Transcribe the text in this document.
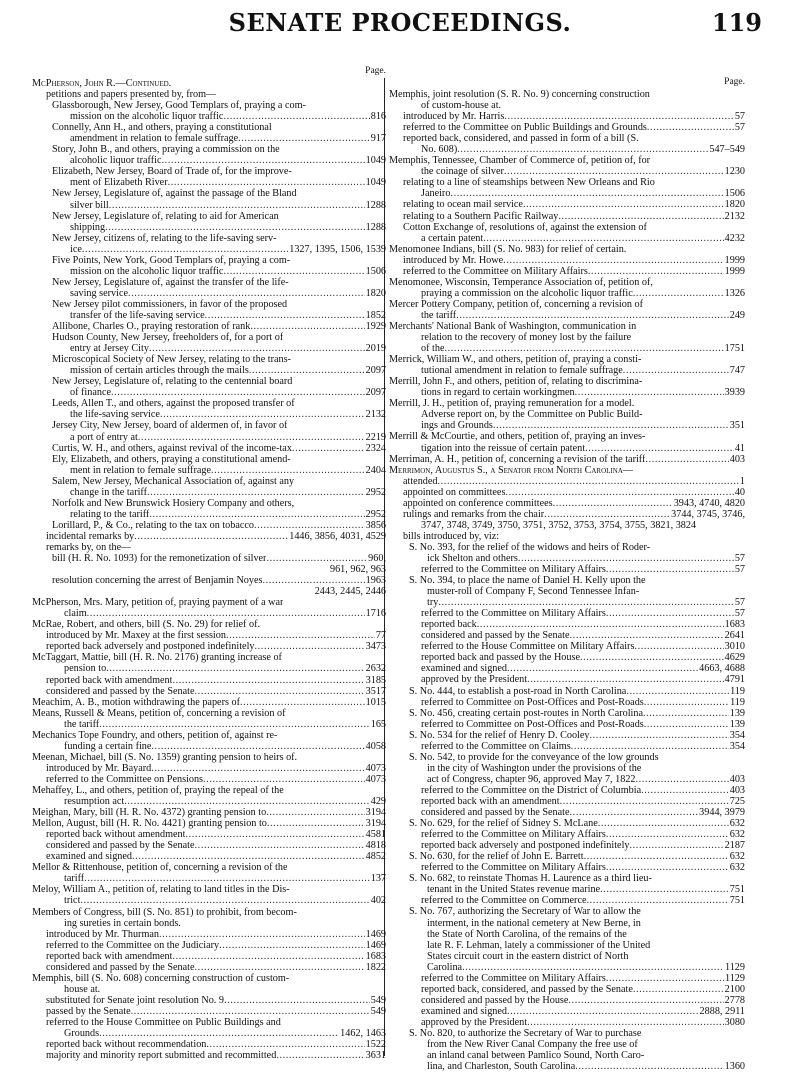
SENATE PROCEEDINGS.	119
Page.
McPherson, John R.—Continued.
petitions and papers presented by, from—
Glassborough, New Jersey, Good Templars of, praying a com-
mission on the alcoholic liquor traffic .....	816
Connelly, Ann H., and others, praying a constitutional
amendment in relation to female suffrage .....	917
Story, John B., and others, praying a commission on the
alcoholic liquor traffic .....	1049
Elizabeth, New Jersey, Board of Trade of, for the improve-
ment of Elizabeth River .....	1049
New Jersey, Legislature of, against the passage of the Bland
silver bill .....	1288
New Jersey, Legislature of, relating to aid for American
shipping .....	1288
New Jersey, citizens of, relating to the life-saving serv-
ice .....	1327, 1395, 1506, 1539
Five Points, New York, Good Templars of, praying a com-
mission on the alcoholic liquor traffic .....	1506
New Jersey, Legislature of, against the transfer of the life-
saving service .....	1820
New Jersey pilot commissioners, in favor of the proposed
transfer of the life-saving service .....	1852
Allibone, Charles O., praying restoration of rank .....	1929
Hudson County, New Jersey, freeholders of, for a port of
entry at Jersey City .....	2019
Microscopical Society of New Jersey, relating to the trans-
mission of certain articles through the mails .....	2097
New Jersey, Legislature of, relating to the centennial board
of finance .....	2097
Leeds, Allen T., and others, against the proposed transfer of
the life-saving service .....	2132
Jersey City, New Jersey, board of aldermen of, in favor of
a port of entry at .....	2219
Curtis, W. H., and others, against revival of the income-tax .....	2324
Ely, Elizabeth, and others, praying a constitutional amend-
ment in relation to female suffrage .....	2404
Salem, New Jersey, Mechanical Association of, against any
change in the tariff .....	2952
Norfolk and New Brunswick Hosiery Company and others,
relating to the tariff .....	2952
Lorillard, P., & Co., relating to the tax on tobacco .....	3856
incidental remarks by .....	1446, 3856, 4031, 4529
remarks by, on the—
bill (H. R. No. 1093) for the remonetization of silver .....	960,
961, 962, 963
resolution concerning the arrest of Benjamin Noyes .....	1963
2443, 2445, 2446
McPherson, Mrs. Mary, petition of, praying payment of a war
claim .....	1716
McRae, Robert, and others, bill (S. No. 29) for relief of.
introduced by Mr. Maxey at the first session .....	77
reported back adversely and postponed indefinitely .....	3473
McTaggart, Mattie, bill (H. R. No. 2176) granting increase of
pension to .....	2632
reported back with amendment .....	3185
considered and passed by the Senate .....	3517
Meachim, A. B., motion withdrawing the papers of .....	1015
Means, Russell & Means, petition of, concerning a revision of
the tariff .....	165
Mechanics Tope Foundry, and others, petition of, against re-
funding a certain fine .....	4058
Meenan, Michael, bill (S. No. 1359) granting pension to heirs of.
introduced by Mr. Bayard .....	4073
referred to the Committee on Pensions .....	4073
Mehaffey, L., and others, petition of, praying the repeal of the
resumption act .....	429
Meighan, Mary, bill (H. R. No. 4372) granting pension to .....	3194
Mellon, August, bill (H. R. No. 4421) granting pension to .....	3194
reported back without amendment .....	4581
considered and passed by the Senate .....	4818
examined and signed .....	4852
Mellor & Rittenhouse, petition of, concerning a revision of the
tariff .....	137
Meloy, William A., petition of, relating to land titles in the Dis-
trict .....	402
Members of Congress, bill (S. No. 851) to prohibit, from becom-
ing sureties in certain bonds.
introduced by Mr. Thurman .....	1469
referred to the Committee on the Judiciary .....	1469
reported back with amendment .....	1683
considered and passed by the Senate .....	1822
Memphis, bill (S. No. 608) concerning construction of custom-
house at.
substituted for Senate joint resolution No. 9 .....	549
passed by the Senate .....	549
referred to the House Committee on Public Buildings and
Grounds .....	1462, 1463
reported back without recommendation .....	1522
majority and minority report submitted and recommitted .....	3631
Page.
Memphis, joint resolution (S. R. No. 9) concerning construction
of custom-house at.
introduced by Mr. Harris .....	57
referred to the Committee on Public Buildings and Grounds .....	57
reported back, considered, and passed in form of a bill (S.
No. 608) .....	547–549
Memphis, Tennessee, Chamber of Commerce of, petition of, for
the coinage of silver .....	1230
relating to a line of steamships between New Orleans and Rio
Janeiro .....	1506
relating to ocean mail service .....	1820
relating to a Southern Pacific Railway .....	2132
Cotton Exchange of, resolutions of, against the extension of
a certain patent .....	4232
Menomonee Indians, bill (S. No. 983) for relief of certain.
introduced by Mr. Howe .....	1999
referred to the Committee on Military Affairs .....	1999
Menomonee, Wisconsin, Temperance Association of, petition of,
praying a commission on the alcoholic liquor traffic .....	1326
Mercer Pottery Company, petition of, concerning a revision of
the tariff .....	249
Merchants' National Bank of Washington, communication in
relation to the recovery of money lost by the failure
of the .....	1751
Merrick, William W., and others, petition of, praying a consti-
tutional amendment in relation to female suffrage .....	747
Merrill, John F., and others, petition of, relating to discrimina-
tions in regard to certain workingmen .....	3939
Merrill, J. H., petition of, praying remuneration for a model.
Adverse report on, by the Committee on Public Build-
ings and Grounds .....	351
Merrill & McCourtie, and others, petition of, praying an inves-
tigation into the reissue of certain patent .....	41
Merriman, A. H., petition of, concerning a revision of the tariff .....	403
Merrimon, Augustus S., a Senator from North Carolina—
attended .....	1
appointed on committees .....	40
appointed on conference committees .....	3943, 4740, 4820
rulings and remarks from the chair .....	3744, 3745, 3746,
3747, 3748, 3749, 3750, 3751, 3752, 3753, 3754, 3755, 3821, 3824
bills introduced by, viz:
S. No. 393, for the relief of the widows and heirs of Roder-
ick Shelton and others .....	57
referred to the Committee on Military Affairs .....	57
S. No. 394, to place the name of Daniel H. Kelly upon the
muster-roll of Company F, Second Tennessee Infan-
try .....	57
referred to the Committee on Military Affairs .....	57
reported back .....	1683
considered and passed by the Senate .....	2641
referred to the House Committee on Military Affairs .....	3010
reported back and passed by the House .....	4629
examined and signed .....	4663, 4688
approved by the President .....	4791
S. No. 444, to establish a post-road in North Carolina .....	119
referred to Committee on Post-Offices and Post-Roads .....	119
S. No. 456, creating certain post-routes in North Carolina .....	139
referred to Committee on Post-Offices and Post-Roads .....	139
S. No. 534 for the relief of Henry D. Cooley .....	354
referred to the Committee on Claims .....	354
S. No. 542, to provide for the conveyance of the low grounds
in the city of Washington under the provisions of the
act of Congress, chapter 96, approved May 7, 1822 .....	403
referred to the Committee on the District of Columbia .....	403
reported back with an amendment .....	725
considered and passed by the Senate .....	3944, 3979
S. No. 629, for the relief of Sidney S. McLane .....	632
referred to the Committee on Military Affairs .....	632
reported back adversely and postponed indefinitely .....	2187
S. No. 630, for the relief of John E. Barrett .....	632
referred to the Committee on Military Affairs .....	632
S. No. 682, to reinstate Thomas H. Laurence as a third lieu-
tenant in the United States revenue marine .....	751
referred to the Committee on Commerce .....	751
S. No. 767, authorizing the Secretary of War to allow the
interment, in the national cemetery at New Berne, in
the State of North Carolina, of the remains of the
late R. F. Lehman, lately a commissioner of the United
States circuit court in the eastern district of North
Carolina .....	1129
referred to the Committee on Military Affairs .....	1129
reported back, considered, and passed by the Senate .....	2100
considered and passed by the House .....	2778
examined and signed .....	2888, 2911
approved by the President .....	3080
S. No. 820, to authorize the Secretary of War to purchase
from the New River Canal Company the free use of
an inland canal between Pamlico Sound, North Caro-
lina, and Charleston, South Carolina .....	1360
